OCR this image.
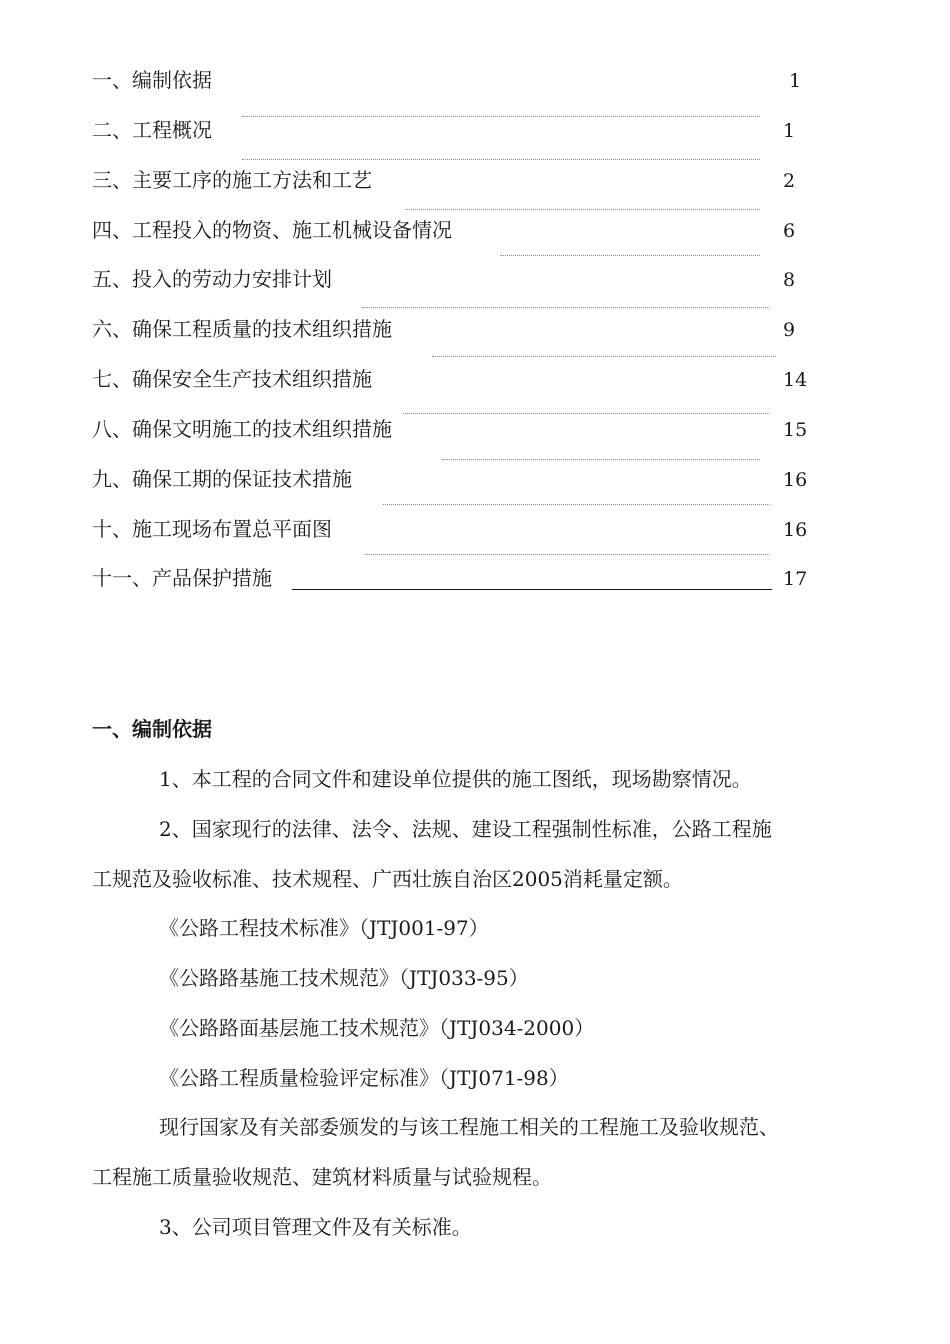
一、编制依据	1
二、工程概况	1
三、主要工序的施工方法和工艺	2
四、工程投入的物资、施工机械设备情况	6
五、投入的劳动力安排计划	8
六、确保工程质量的技术组织措施	9
七、确保安全生产技术组织措施	14
八、确保文明施工的技术组织措施	15
九、确保工期的保证技术措施	16
十、施工现场布置总平面图	16
十一、产品保护措施	17
一、编制依据
1、本工程的合同文件和建设单位提供的施工图纸，现场勘察情况。
2、国家现行的法律、法令、法规、建设工程强制性标准，公路工程施
工规范及验收标准、技术规程、广西壮族自治区2005消耗量定额。
《公路工程技术标准》（JTJ001-97）
《公路路基施工技术规范》（JTJ033-95）
《公路路面基层施工技术规范》（JTJ034-2000）
《公路工程质量检验评定标准》（JTJ071-98）
现行国家及有关部委颁发的与该工程施工相关的工程施工及验收规范、
工程施工质量验收规范、建筑材料质量与试验规程。
3、公司项目管理文件及有关标准。
